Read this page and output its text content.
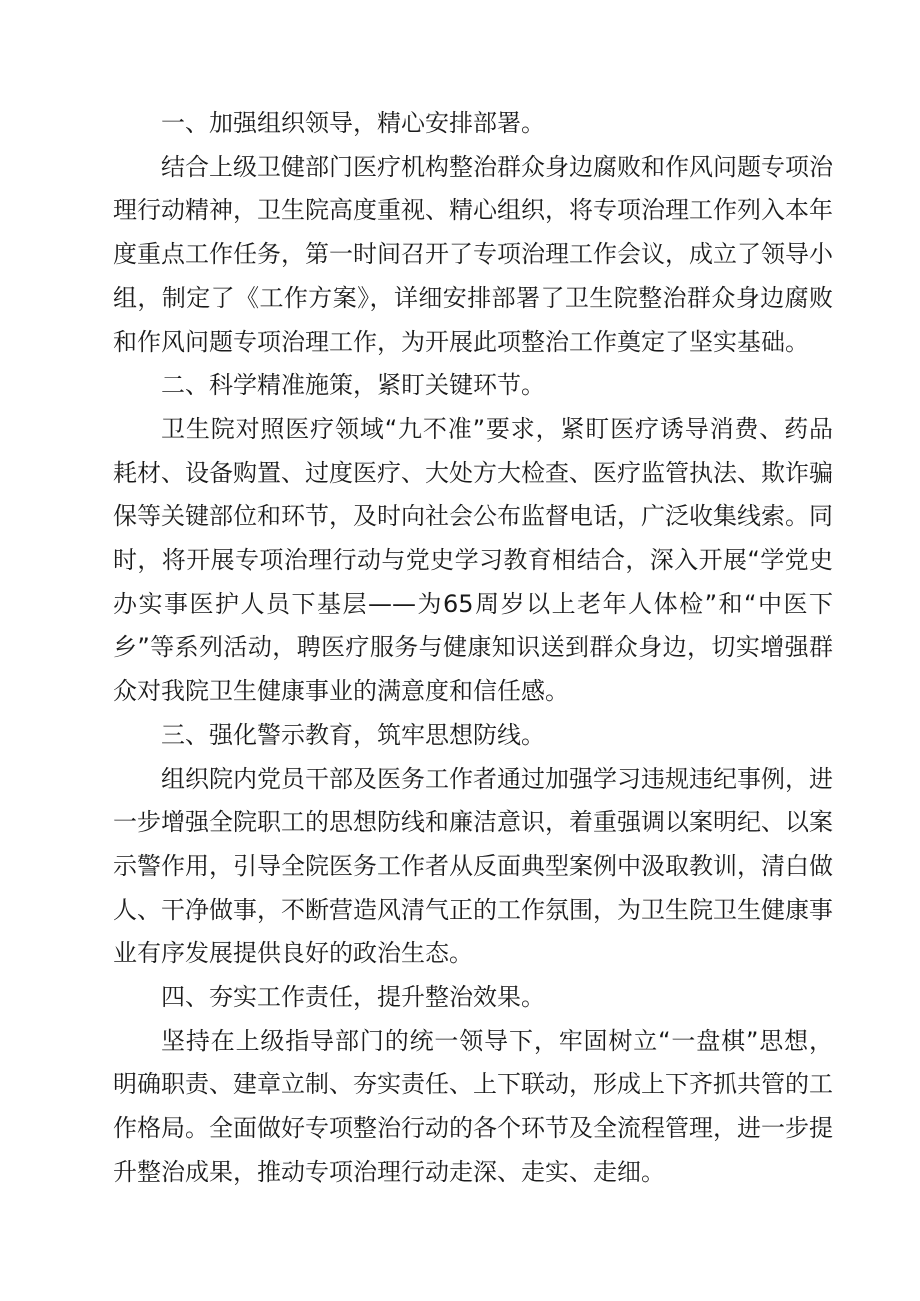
一、加强组织领导，精心安排部署。

结合上级卫健部门医疗机构整治群众身边腐败和作风问题专项治理行动精神，卫生院高度重视、精心组织，将专项治理工作列入本年度重点工作任务，第一时间召开了专项治理工作会议，成立了领导小组，制定了《工作方案》，详细安排部署了卫生院整治群众身边腐败和作风问题专项治理工作，为开展此项整治工作奠定了坚实基础。

二、科学精准施策，紧盯关键环节。

卫生院对照医疗领域“九不准”要求，紧盯医疗诱导消费、药品耗材、设备购置、过度医疗、大处方大检查、医疗监管执法、欺诈骗保等关键部位和环节，及时向社会公布监督电话，广泛收集线索。同时，将开展专项治理行动与党史学习教育相结合，深入开展“学党史办实事医护人员下基层——为65周岁以上老年人体检”和“中医下乡”等系列活动，聘医疗服务与健康知识送到群众身边，切实增强群众对我院卫生健康事业的满意度和信任感。

三、强化警示教育，筑牢思想防线。

组织院内党员干部及医务工作者通过加强学习违规违纪事例，进一步增强全院职工的思想防线和廉洁意识，着重强调以案明纪、以案示警作用，引导全院医务工作者从反面典型案例中汲取教训，清白做人、干净做事，不断营造风清气正的工作氛围，为卫生院卫生健康事业有序发展提供良好的政治生态。

四、夯实工作责任，提升整治效果。

坚持在上级指导部门的统一领导下，牢固树立“一盘棋”思想，明确职责、建章立制、夯实责任、上下联动，形成上下齐抓共管的工作格局。全面做好专项整治行动的各个环节及全流程管理，进一步提升整治成果，推动专项治理行动走深、走实、走细。
